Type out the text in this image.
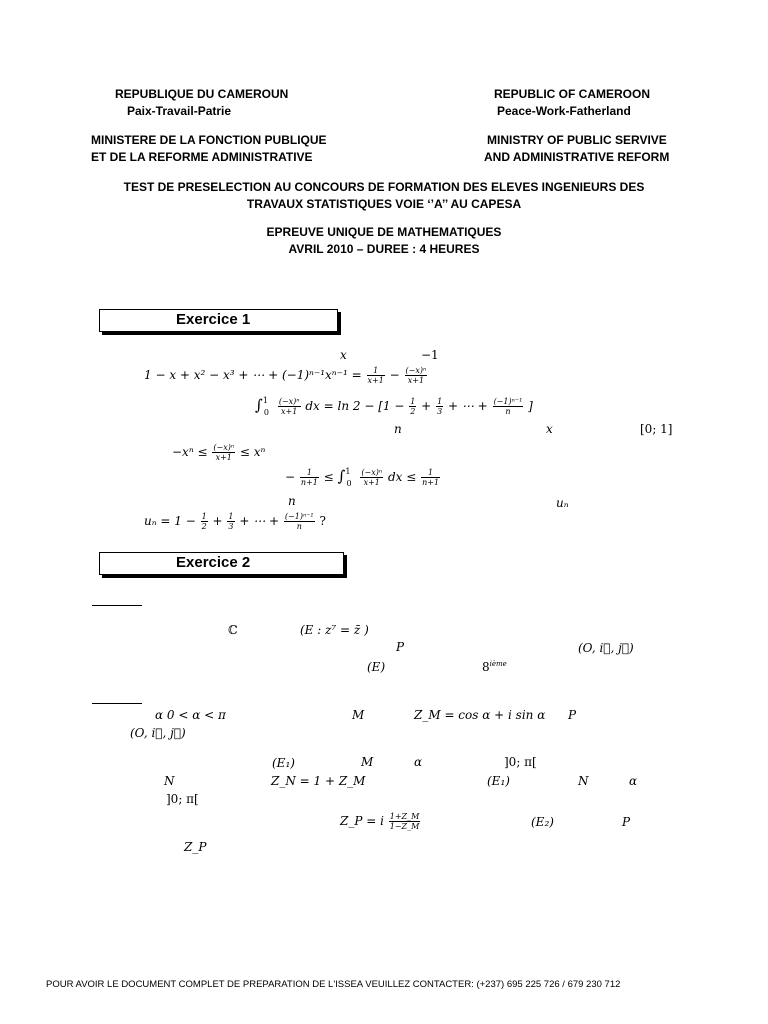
REPUBLIQUE DU CAMEROUN
Paix-Travail-Patrie
REPUBLIC OF CAMEROON
Peace-Work-Fatherland
MINISTERE DE LA FONCTION PUBLIQUE
ET DE LA REFORME ADMINISTRATIVE
MINISTRY OF PUBLIC SERVIVE
AND ADMINISTRATIVE REFORM
TEST DE PRESELECTION AU CONCOURS DE FORMATION DES ELEVES INGENIEURS DES
TRAVAUX STATISTIQUES VOIE ‘’A’’ AU CAPESA
EPREUVE UNIQUE DE MATHEMATIQUES
AVRIL 2010 – DUREE : 4 HEURES
Exercice 1
x	−1
1 − x + x² − x³ + ⋯ + $(-1)^{n-1}x^{n-1} = \frac{1}{x+1} - \frac{\text{(−x)ⁿ}}{x+1}$
$\int^1_0 \frac{\text{(−x)ⁿ}}{x+1}$ dx = $\ln 2 - [1 - \frac{1}{2} + \frac{1}{3}$ + ⋯ + $\frac{\text{(−1)ⁿ⁻¹}}{n}$ ]
n	x	[0; 1]
$-x^n \le \frac{\text{(−x)ⁿ}}{x+1} \le x^n$
− $\frac{1}{n+1} \le \int^1_0 \frac{\text{(−x)ⁿ}}{x+1}$ dx ≤ $\frac{1}{n+1}$
n	uₙ
$u_n = 1 - \frac{1}{2} + \frac{1}{3}$ + ⋯ + $\frac{\text{(−1)ⁿ⁻¹}}{n}$ ?
Exercice 2
ℂ	(E : z⁷ = z̄ )
P	(O, i⃗, j⃗)
(E)	8ième
α 0 < α < π	M	Z_M = cos α + i sin α P
(O, i⃗, j⃗)
(E₁)	M	α	]0; π[
N	Z_N = 1 + Z_M	(E₁)	N	α
]0; π[
Z_P = i $\frac{1+Z\_M}{1-Z\_M}$	(E₂)	P
Z_P
POUR AVOIR LE DOCUMENT COMPLET DE PREPARATION DE L'ISSEA VEUILLEZ CONTACTER: (+237) 695 225 726 / 679 230 712
